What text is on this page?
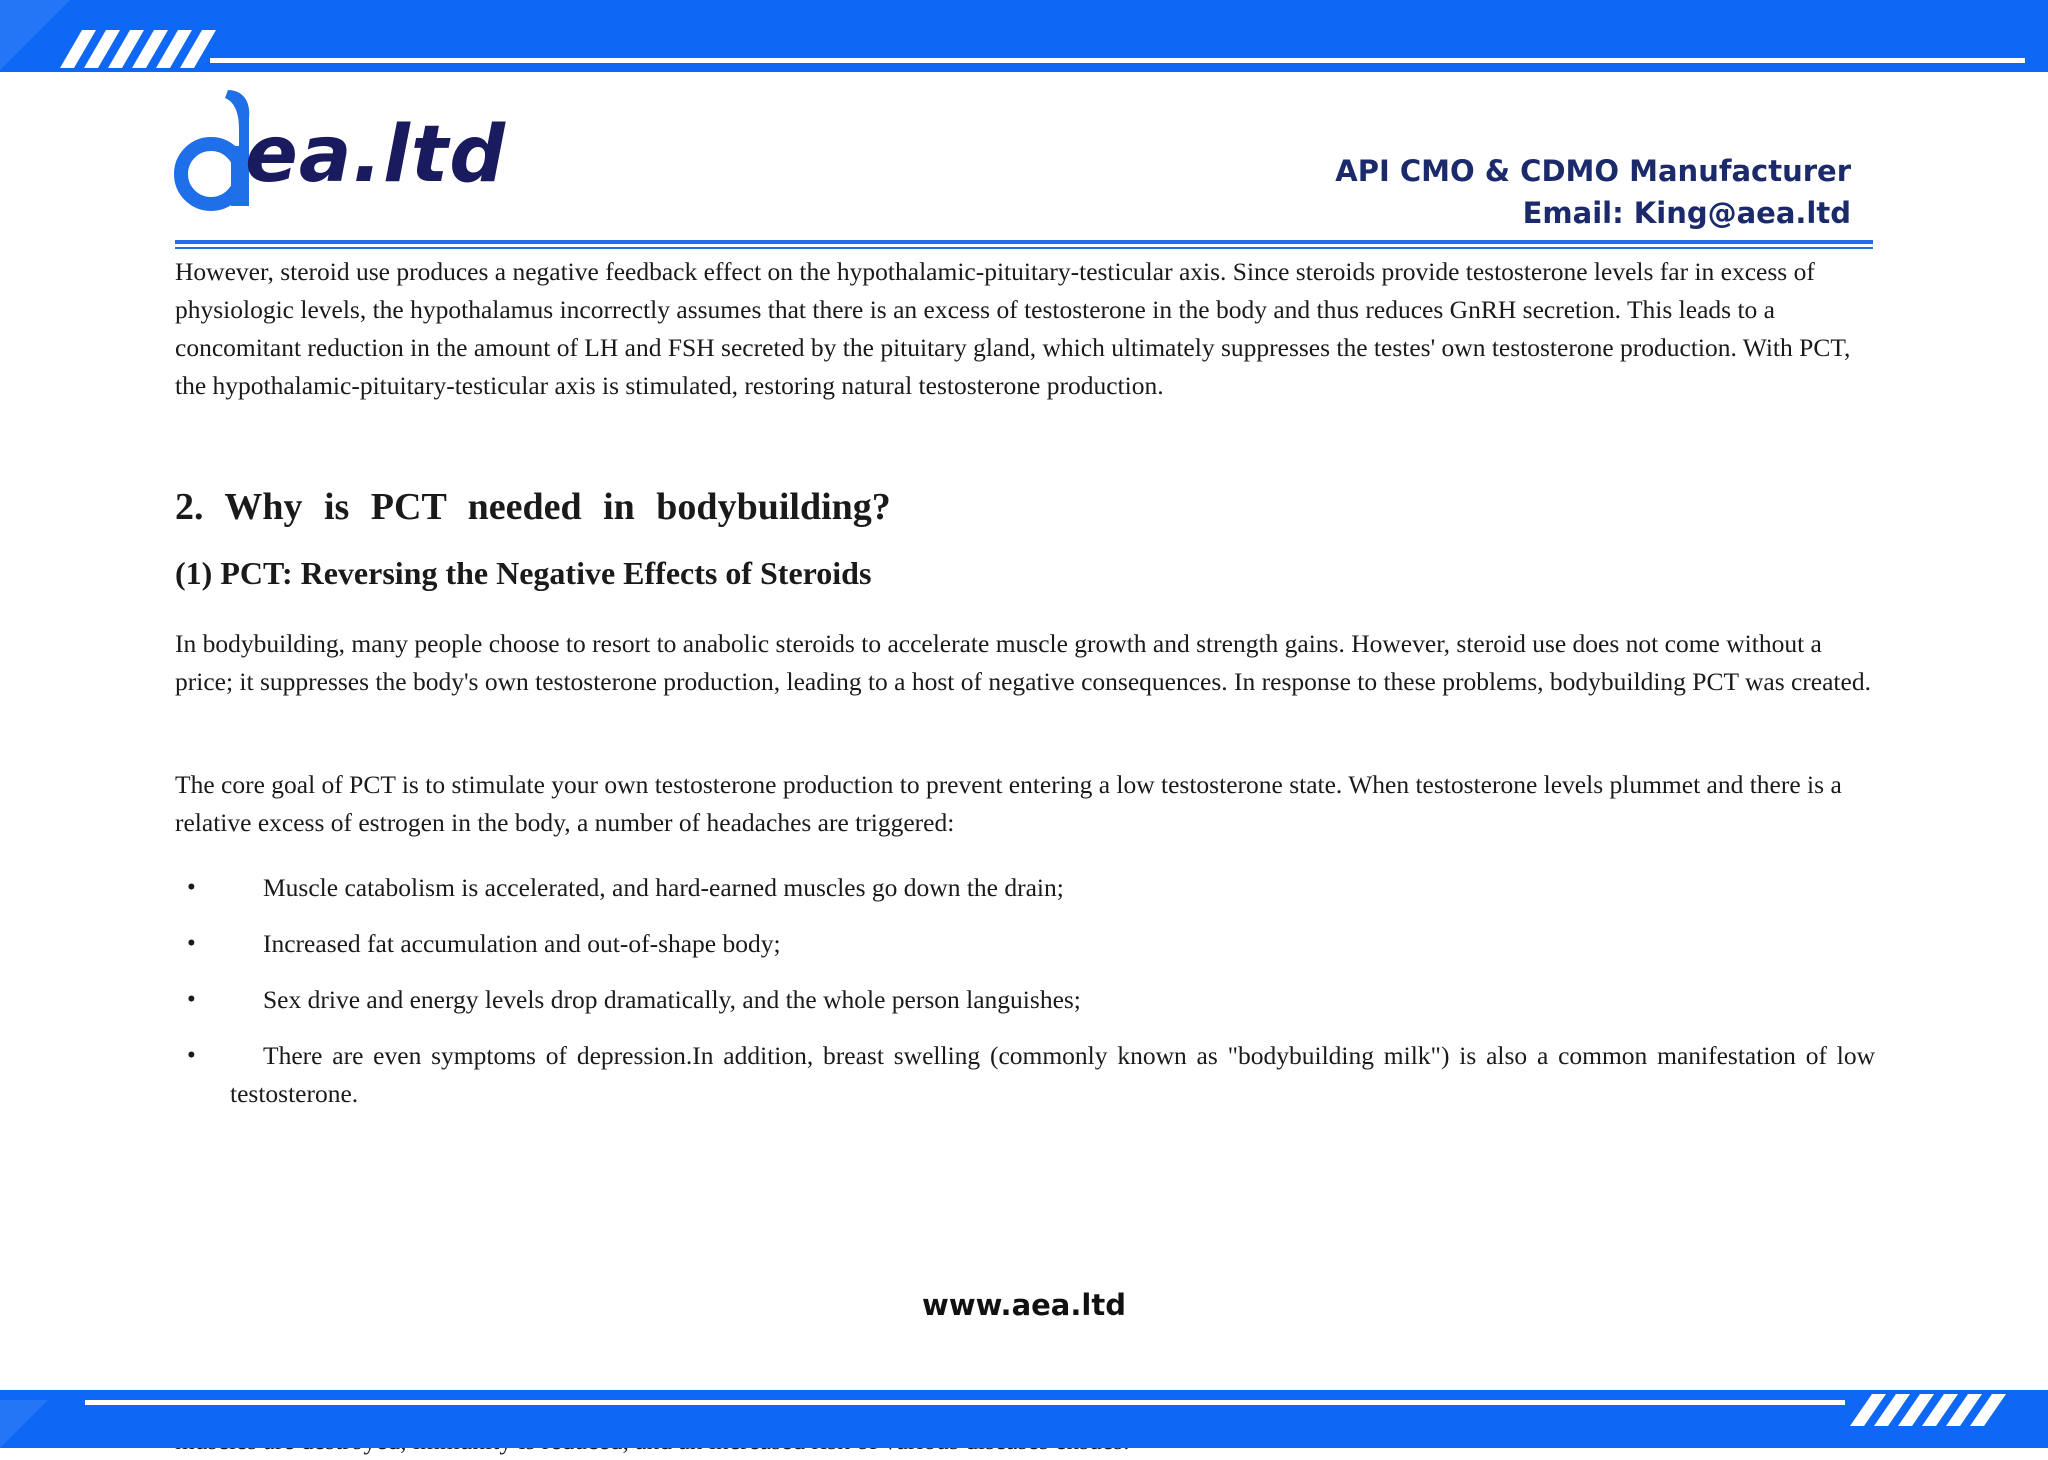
ea.ltd	API CMO & CDMO Manufacturer
Email: King@aea.ltd

However, steroid use produces a negative feedback effect on the hypothalamic-pituitary-testicular axis. Since steroids provide testosterone levels far in excess of physiologic levels, the hypothalamus incorrectly assumes that there is an excess of testosterone in the body and thus reduces GnRH secretion. This leads to a concomitant reduction in the amount of LH and FSH secreted by the pituitary gland, which ultimately suppresses the testes' own testosterone production. With PCT, the hypothalamic-pituitary-testicular axis is stimulated, restoring natural testosterone production.

2. Why is PCT needed in bodybuilding?
(1) PCT: Reversing the Negative Effects of Steroids

In bodybuilding, many people choose to resort to anabolic steroids to accelerate muscle growth and strength gains. However, steroid use does not come without a price; it suppresses the body's own testosterone production, leading to a host of negative consequences. In response to these problems, bodybuilding PCT was created.

The core goal of PCT is to stimulate your own testosterone production to prevent entering a low testosterone state. When testosterone levels plummet and there is a relative excess of estrogen in the body, a number of headaches are triggered:

•	Muscle catabolism is accelerated, and hard-earned muscles go down the drain;
•	Increased fat accumulation and out-of-shape body;
•	Sex drive and energy levels drop dramatically, and the whole person languishes;
•	There are even symptoms of depression.In addition, breast swelling (commonly known as "bodybuilding milk") is also a common manifestation of low testosterone.

www.aea.ltd
